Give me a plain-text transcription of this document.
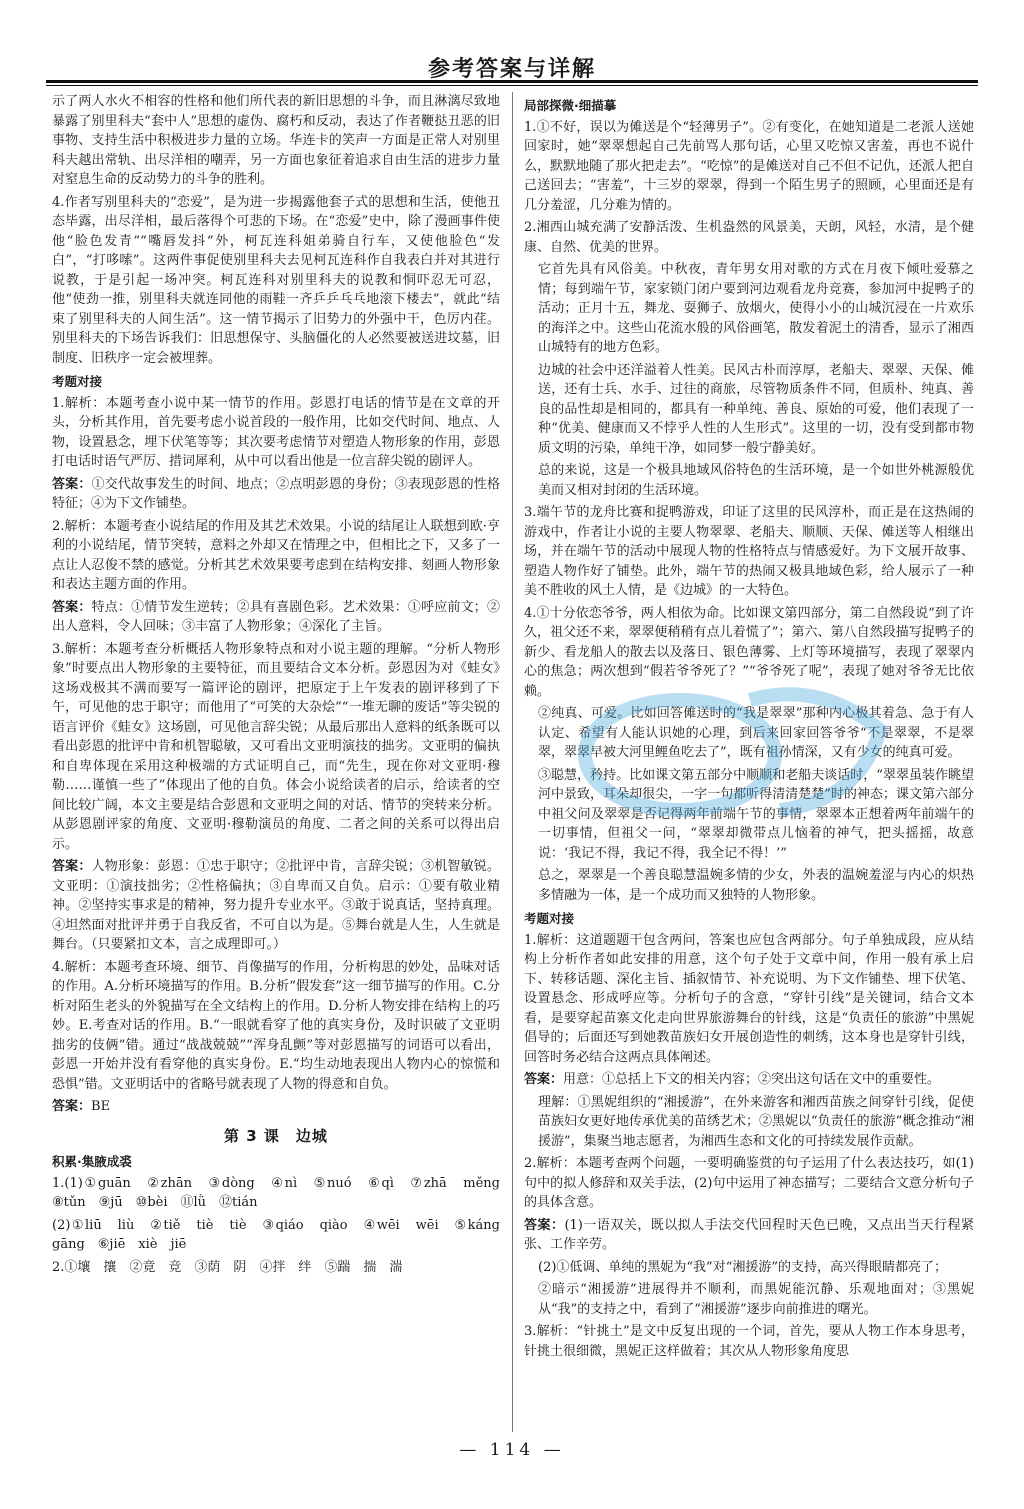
参考答案与详解
示了两人水火不相容的性格和他们所代表的新旧思想的斗争，而且淋漓尽致地暴露了别里科夫“套中人”思想的虚伪、腐朽和反动，表达了作者鞭挞丑恶的旧事物、支持生活中积极进步力量的立场。华连卡的笑声一方面是正常人对别里科夫越出常轨、出尽洋相的嘲弄，另一方面也象征着追求自由生活的进步力量对窒息生命的反动势力的斗争的胜利。
4.作者写别里科夫的“恋爱”，是为进一步揭露他套子式的思想和生活，使他丑态毕露，出尽洋相，最后落得个可悲的下场。在“恋爱”史中，除了漫画事件使他“脸色发青”“嘴唇发抖”外，柯瓦连科姐弟骑自行车，又使他脸色“发白”，“打哆嗦”。这两件事促使别里科夫去见柯瓦连科作自我表白并对其进行说教，于是引起一场冲突。柯瓦连科对别里科夫的说教和恫吓忍无可忍，他“使劲一推，别里科夫就连同他的雨鞋一齐乒乒乓乓地滚下楼去”，就此“结束了别里科夫的人间生活”。这一情节揭示了旧势力的外强中干，色厉内荏。别里科夫的下场告诉我们：旧思想保守、头脑僵化的人必然要被送进坟墓，旧制度、旧秩序一定会被埋葬。
考题对接
1.解析：本题考查小说中某一情节的作用。彭恩打电话的情节是在文章的开头，分析其作用，首先要考虑小说首段的一般作用，比如交代时间、地点、人物，设置悬念，埋下伏笔等等；其次要考虑情节对塑造人物形象的作用，彭恩打电话时语气严厉、措词犀利，从中可以看出他是一位言辞尖锐的剧评人。
答案：①交代故事发生的时间、地点；②点明彭恩的身份；③表现彭恩的性格特征；④为下文作铺垫。
2.解析：本题考查小说结尾的作用及其艺术效果。小说的结尾让人联想到欧·亨利的小说结尾，情节突转，意料之外却又在情理之中，但相比之下，又多了一点让人忍俊不禁的感觉。分析其艺术效果要考虑到在结构安排、刻画人物形象和表达主题方面的作用。
答案：特点：①情节发生逆转；②具有喜剧色彩。艺术效果：①呼应前文；②出人意料，令人回味；③丰富了人物形象；④深化了主旨。
3.解析：本题考查分析概括人物形象特点和对小说主题的理解。“分析人物形象”时要点出人物形象的主要特征，而且要结合文本分析。彭恩因为对《蛙女》这场戏极其不满而要写一篇评论的剧评，把原定于上午发表的剧评移到了下午，可见他的忠于职守；而他用了“可笑的大杂烩”“一堆无聊的废话”等尖锐的语言评价《蛙女》这场剧，可见他言辞尖锐；从最后那出人意料的纸条既可以看出彭恩的批评中肯和机智聪敏，又可看出文亚明演技的拙劣。文亚明的偏执和自卑体现在采用这种极端的方式证明自己，而“先生，现在你对文亚明·穆勒……谨慎一些了”体现出了他的自负。体会小说给读者的启示，给读者的空间比较广阔，本文主要是结合彭恩和文亚明之间的对话、情节的突转来分析。从彭恩剧评家的角度、文亚明·穆勒演员的角度、二者之间的关系可以得出启示。
答案：人物形象：彭恩：①忠于职守；②批评中肯，言辞尖锐；③机智敏锐。文亚明：①演技拙劣；②性格偏执；③自卑而又自负。启示：①要有敬业精神。②坚持实事求是的精神，努力提升专业水平。③敢于说真话，坚持真理。④坦然面对批评并勇于自我反省，不可自以为是。⑤舞台就是人生，人生就是舞台。（只要紧扣文本，言之成理即可。）
4.解析：本题考查环境、细节、肖像描写的作用，分析构思的妙处，品味对话的作用。A.分析环境描写的作用。B.分析“假发套”这一细节描写的作用。C.分析对陌生老头的外貌描写在全文结构上的作用。D.分析人物安排在结构上的巧妙。E.考查对话的作用。B.“一眼就看穿了他的真实身份，及时识破了文亚明拙劣的伎俩”错。通过“战战兢兢”“浑身乱颤”等对彭恩描写的词语可以看出，彭恩一开始并没有看穿他的真实身份。E.“均生动地表现出人物内心的惊慌和恐惧”错。文亚明话中的省略号就表现了人物的得意和自负。
答案：BE
第 3 课　边城
积累·集腋成裘
1.(1)①guān　②zhān　③dòng　④nì　⑤nuó　⑥qì　⑦zhā　měng　⑧tǔn　⑨jū　⑩bèi　⑪lǜ　⑫tián
(2)①liū　liù　②tiě　tiè　tiè　③qiáo　qiào　④wēi　wēi　⑤káng　gāng　⑥jiē　xiè　jiē
2.①壤　攘　②竟　竞　③荫　阴　④拌　绊　⑤踹　揣　湍
局部探微·细描摹
1.①不好，误以为傩送是个“轻薄男子”。②有变化，在她知道是二老派人送她回家时，她“翠翠想起自己先前骂人那句话，心里又吃惊又害羞，再也不说什么，默默地随了那火把走去”。“吃惊”的是傩送对自己不但不记仇，还派人把自己送回去；“害羞”，十三岁的翠翠，得到一个陌生男子的照顾，心里面还是有几分羞涩，几分难为情的。
2.湘西山城充满了安静活泼、生机盎然的风景美，天朗，风轻，水清，是个健康、自然、优美的世界。
它首先具有风俗美。中秋夜，青年男女用对歌的方式在月夜下倾吐爱慕之情；每到端午节，家家锁门闭户要到河边观看龙舟竞赛，参加河中捉鸭子的活动；正月十五，舞龙、耍狮子、放烟火，使得小小的山城沉浸在一片欢乐的海洋之中。这些山花流水般的风俗画笔，散发着泥土的清香，显示了湘西山城特有的地方色彩。
边城的社会中还洋溢着人性美。民风古朴而淳厚，老船夫、翠翠、天保、傩送，还有士兵、水手、过往的商旅，尽管物质条件不同，但质朴、纯真、善良的品性却是相同的，都具有一种单纯、善良、原始的可爱，他们表现了一种“优美、健康而又不悖乎人性的人生形式”。这里的一切，没有受到都市物质文明的污染，单纯干净，如同梦一般宁静美好。
总的来说，这是一个极具地域风俗特色的生活环境，是一个如世外桃源般优美而又相对封闭的生活环境。
3.端午节的龙舟比赛和捉鸭游戏，印证了这里的民风淳朴，而正是在这热闹的游戏中，作者让小说的主要人物翠翠、老船夫、顺顺、天保、傩送等人相继出场，并在端午节的活动中展现人物的性格特点与情感爱好。为下文展开故事、塑造人物作好了铺垫。此外，端午节的热闹又极具地域色彩，给人展示了一种美不胜收的风土人情，是《边城》的一大特色。
4.①十分依恋爷爷，两人相依为命。比如课文第四部分，第二自然段说“到了许久，祖父还不来，翠翠便稍稍有点儿着慌了”；第六、第八自然段描写捉鸭子的新少、看龙船人的散去以及落日、银色薄雾、上灯等环境描写，表现了翠翠内心的焦急；两次想到“假若爷爷死了？”“爷爷死了呢”，表现了她对爷爷无比依赖。
②纯真、可爱。比如回答傩送时的“我是翠翠”那种内心极其着急、急于有人认定、希望有人能认识她的心理，到后来回家回答爷爷“不是翠翠，不是翠翠，翠翠早被大河里鲤鱼吃去了”，既有祖孙情深，又有少女的纯真可爱。
③聪慧，矜持。比如课文第五部分中顺顺和老船夫谈话时，“翠翠虽装作眺望河中景致，耳朵却很尖，一字一句都听得清清楚楚”时的神态；课文第六部分中祖父问及翠翠是否记得两年前端午节的事情，翠翠本正想着两年前端午的一切事情，但祖父一问，“翠翠却微带点儿恼着的神气，把头摇摇，故意说：‘我记不得，我记不得，我全记不得！’”
总之，翠翠是一个善良聪慧温婉多情的少女，外表的温婉羞涩与内心的炽热多情融为一体，是一个成功而又独特的人物形象。
考题对接
1.解析：这道题题干包含两问，答案也应包含两部分。句子单独成段，应从结构上分析作者如此安排的用意，这个句子处于文章中间，作用一般有承上启下、转移话题、深化主旨、插叙情节、补充说明、为下文作铺垫、埋下伏笔、设置悬念、形成呼应等。分析句子的含意，“穿针引线”是关键词，结合文本看，是要穿起苗寨文化走向世界旅游舞台的针线，这是“负责任的旅游”中黑妮倡导的；后面还写到她教苗族妇女开展创造性的刺绣，这本身也是穿针引线，回答时务必结合这两点具体阐述。
答案：用意：①总括上下文的相关内容；②突出这句话在文中的重要性。
理解：①黑妮组织的“湘援游”，在外来游客和湘西苗族之间穿针引线，促使苗族妇女更好地传承优美的苗绣艺术；②黑妮以“负责任的旅游”概念推动“湘援游”，集聚当地志愿者，为湘西生态和文化的可持续发展作贡献。
2.解析：本题考查两个问题，一要明确鉴赏的句子运用了什么表达技巧，如(1)句中的拟人修辞和双关手法，(2)句中运用了神态描写；二要结合文意分析句子的具体含意。
答案：(1)一语双关，既以拟人手法交代回程时天色已晚，又点出当天行程紧张、工作辛劳。
(2)①低调、单纯的黑妮为“我”对“湘援游”的支持，高兴得眼睛都亮了；
②暗示“湘援游”进展得并不顺利，而黑妮能沉静、乐观地面对；③黑妮从“我”的支持之中，看到了“湘援游”逐步向前推进的曙光。
3.解析：“针挑土”是文中反复出现的一个词，首先，要从人物工作本身思考，针挑土很细微，黑妮正这样做着；其次从人物形象角度思
— 114 —
